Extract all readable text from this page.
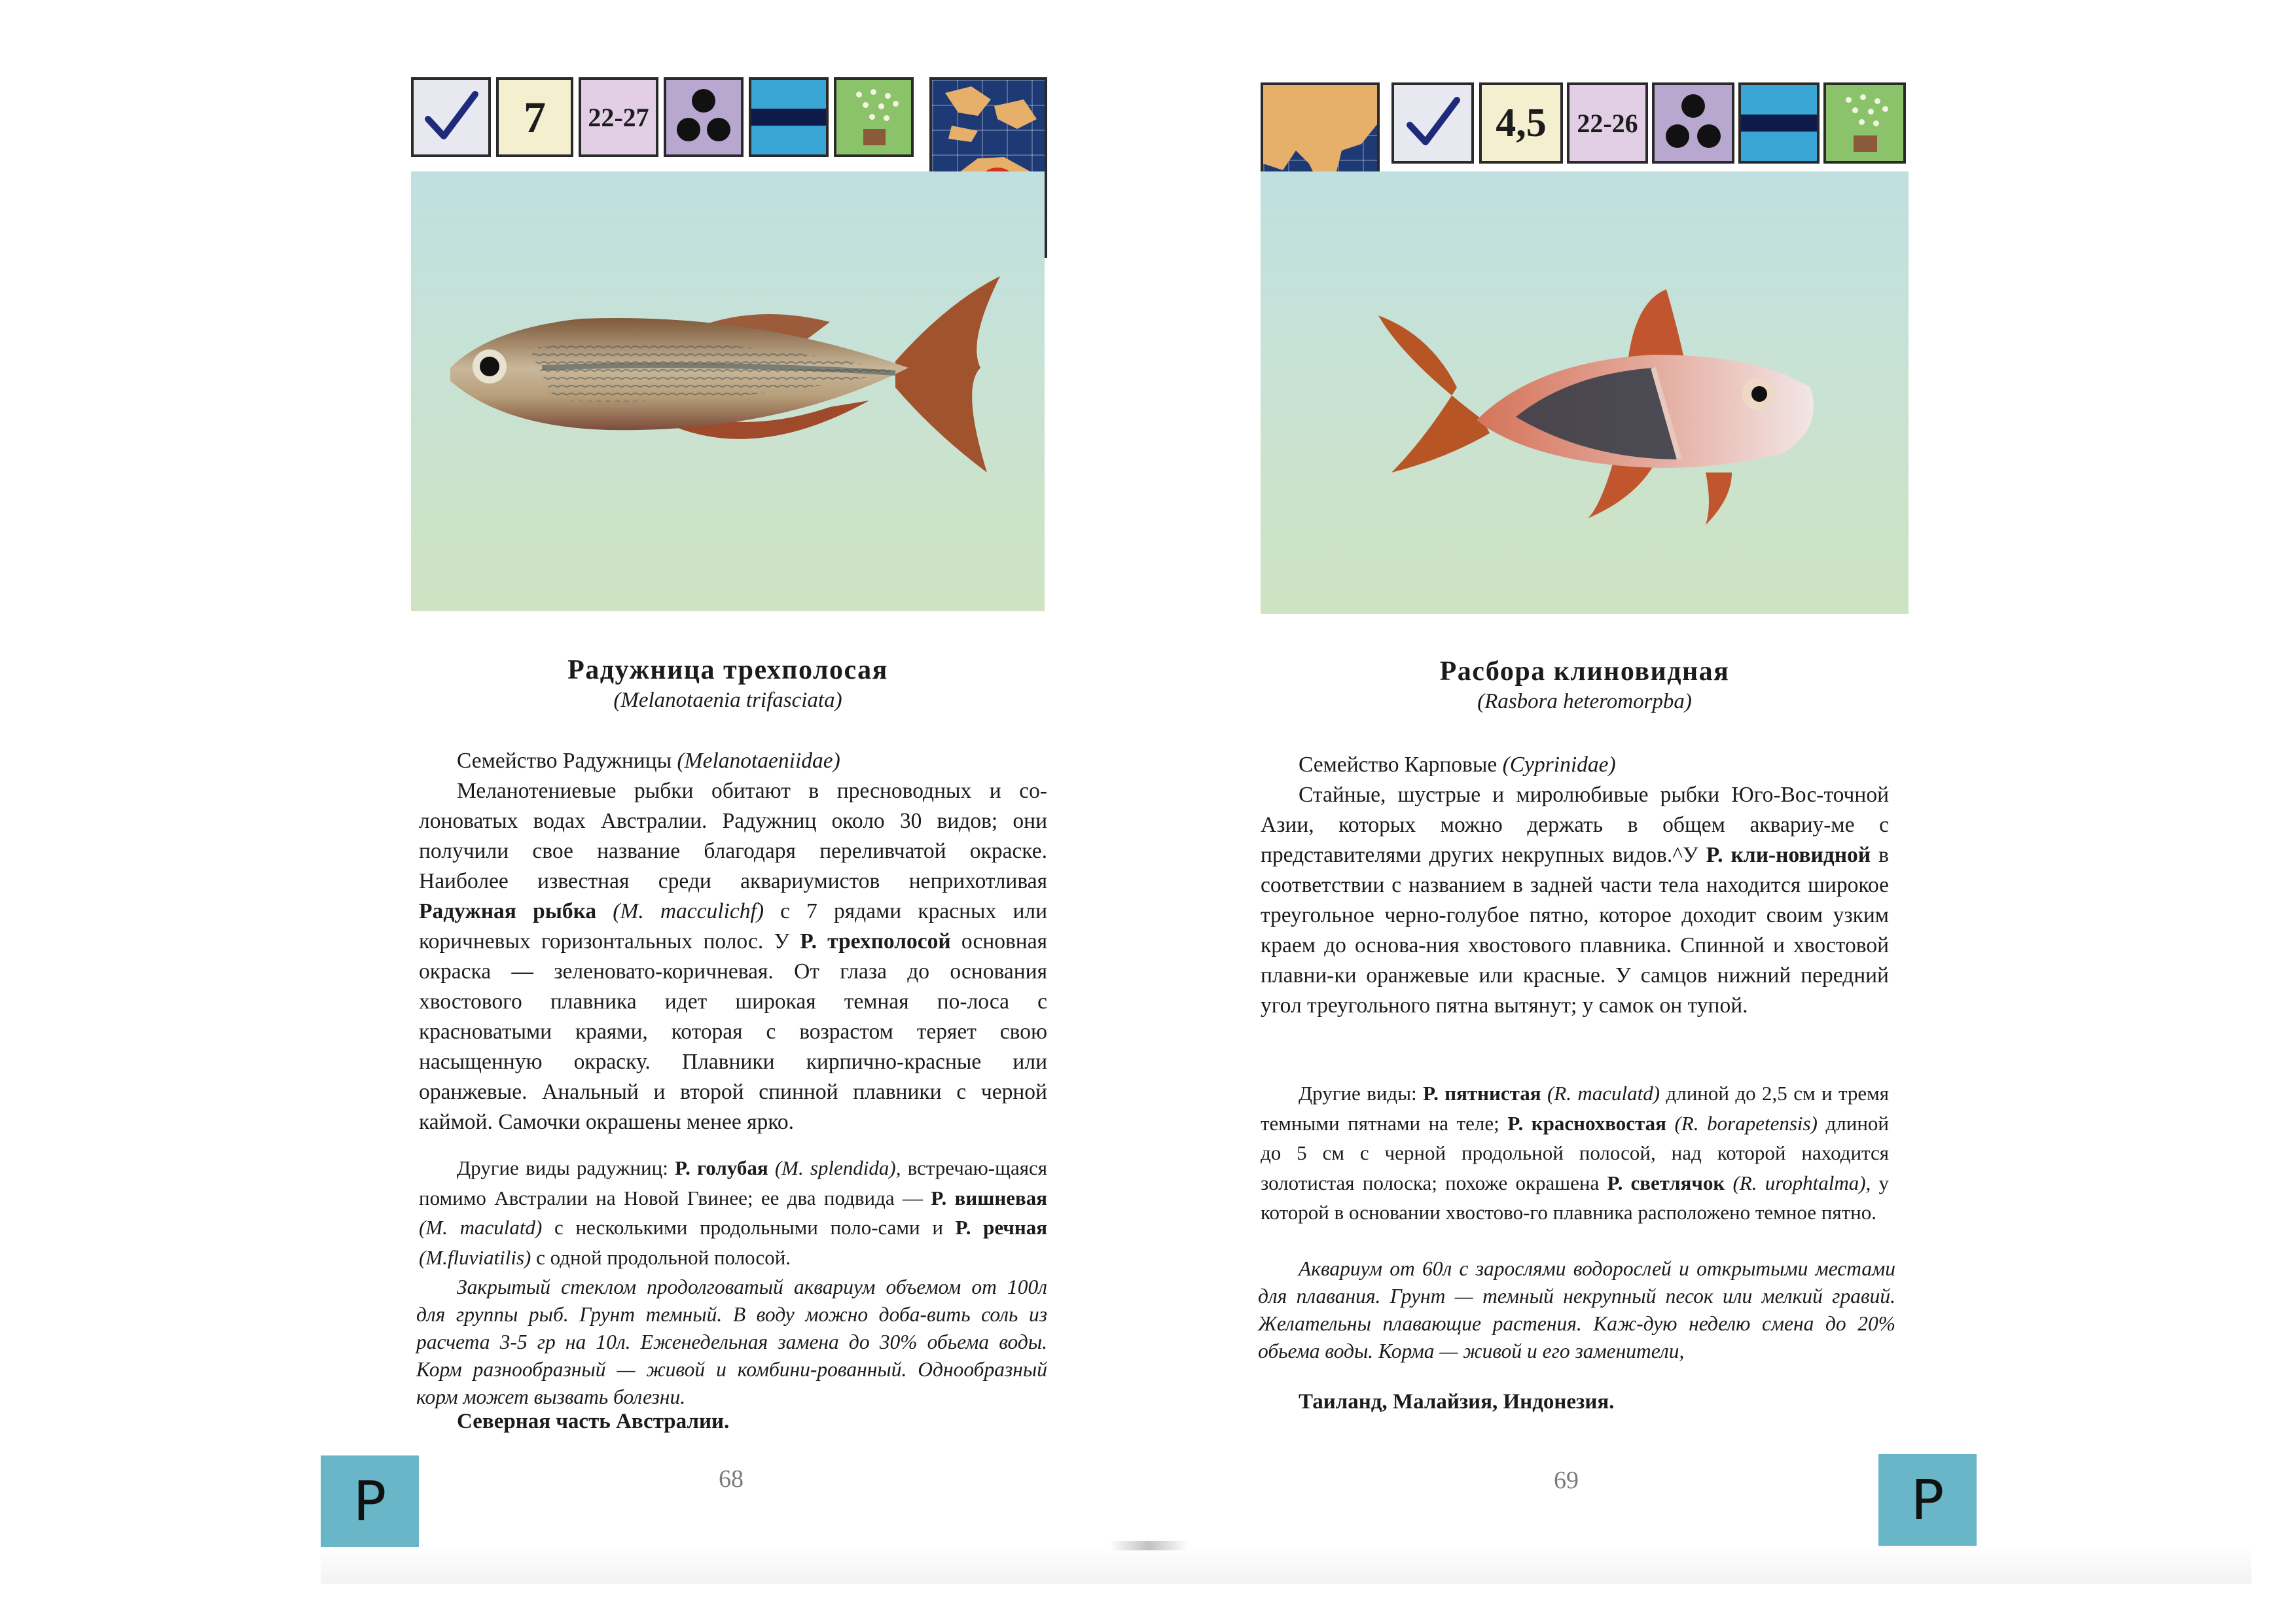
7 22-27
Радужница трехполосая
(Melanotaenia trifasciata)

Семейство Радужницы (Melanotaeniidae)

Меланотениевые рыбки обитают в пресноводных и со-лоноватых водах Австралии. Радужниц около 30 видов; они получили свое название благодаря переливчатой окраске. Наиболее известная среди аквариумистов неприхотливая Радужная рыбка (M. macculichf) с 7 рядами красных или коричневых горизонтальных полос. У P. трехполосой основная окраска — зеленовато-коричневая. От глаза до основания хвостового плавника идет широкая темная по-лоса с красноватыми краями, которая с возрастом теряет свою насыщенную окраску. Плавники кирпично-красные или оранжевые. Анальный и второй спинной плавники с черной каймой. Самочки окрашены менее ярко.

Другие виды радужниц: P. голубая (M. splendida), встречаю-щаяся помимо Австралии на Новой Гвинее; ее два подвида — P. вишневая (M. maculatd) с несколькими продольными поло-сами и P. речная (M.fluviatilis) с одной продольной полосой.

Закрытый стеклом продолговатый аквариум объемом от 100л для группы рыб. Грунт темный. В воду можно доба-вить соль из расчета 3-5 гр на 10л. Еженедельная замена до 30% обьема воды. Корм разнообразный — живой и комбини-рованный. Однообразный корм может вызвать болезни.

Северная часть Австралии.
68
Р
4,5 22-26
Расбора клиновидная
(Rasbora heteromorpba)

Семейство Карповые (Cyprinidae)

Стайные, шустрые и миролюбивые рыбки Юго-Вос-точной Азии, которых можно держать в общем аквариу-ме с представителями других некрупных видов.^У P. кли-новидной в соответствии с названием в задней части тела находится широкое треугольное черно-голубое пятно, которое доходит своим узким краем до основа-ния хвостового плавника. Спинной и хвостовой плавни-ки оранжевые или красные. У самцов нижний передний угол треугольного пятна вытянут; у самок он тупой.

Другие виды: P. пятнистая (R. maculatd) длиной до 2,5 см и тремя темными пятнами на теле; P. краснохвостая (R. borapetensis) длиной до 5 см с черной продольной полосой, над которой находится золотистая полоска; похоже окрашена P. светлячок (R. urophtalma), у которой в основании хвостово-го плавника расположено темное пятно.

Аквариум от 60л с зарослями водорослей и открытыми местами для плавания. Грунт — темный некрупный песок или мелкий гравий. Желательны плавающие растения. Каж-дую неделю смена до 20% обьема воды. Корма — живой и его заменители,

Таиланд, Малайзия, Индонезия.
69	Р
